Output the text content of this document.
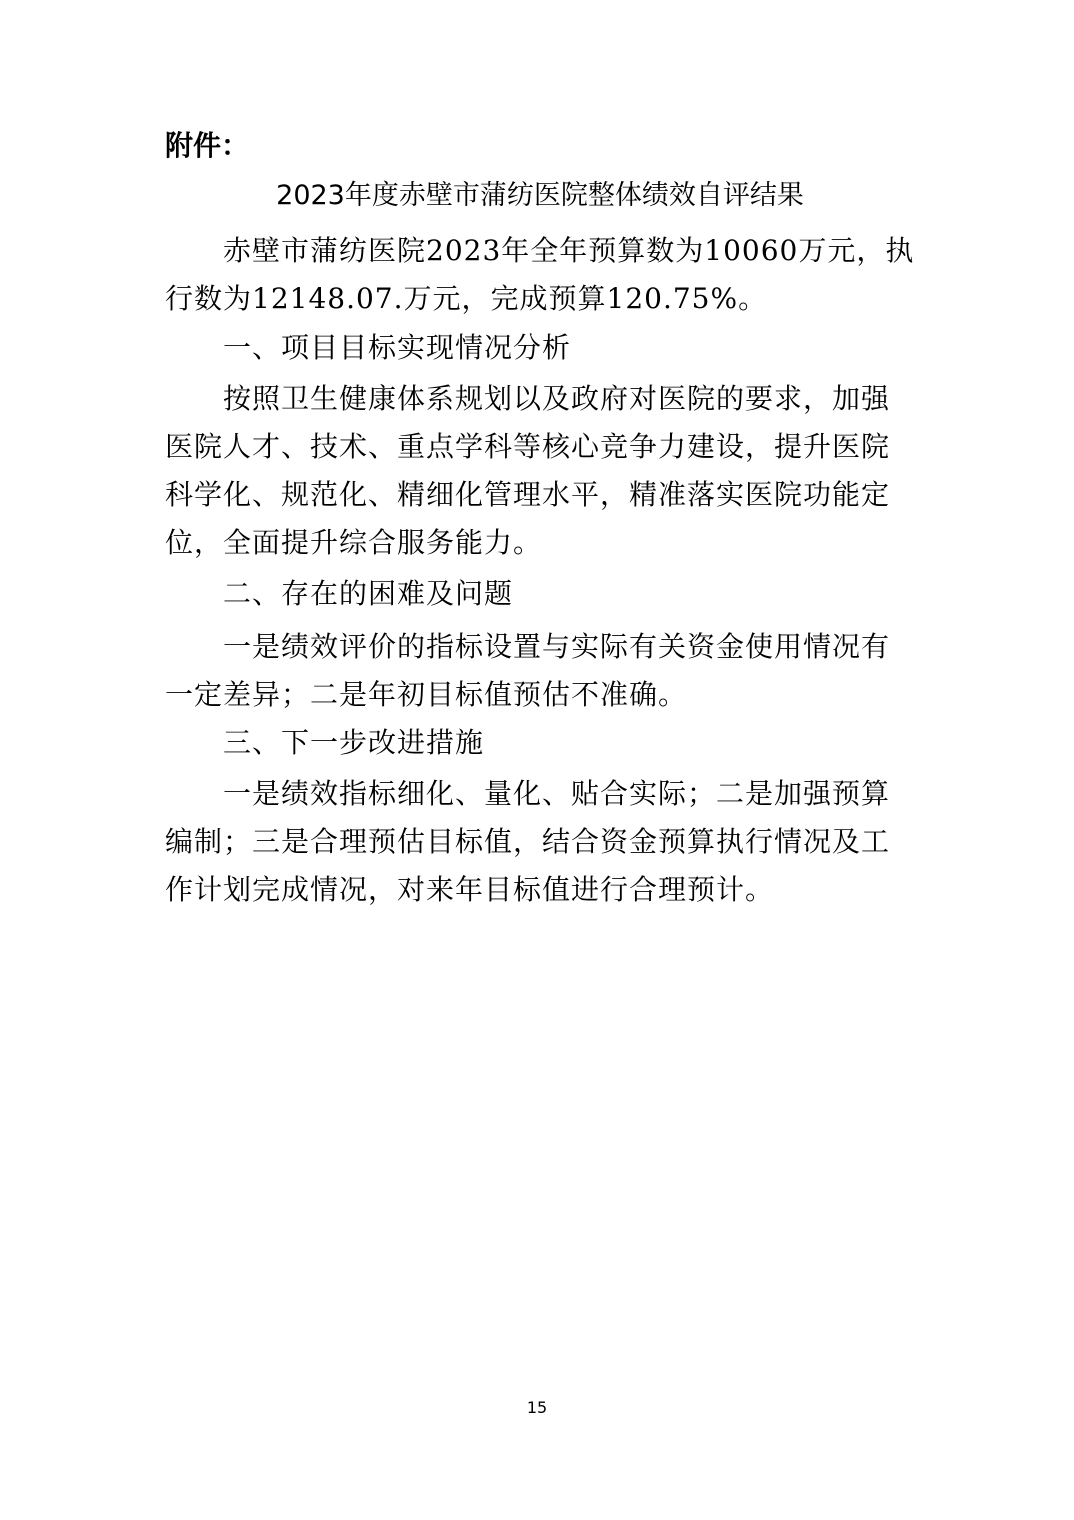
附件：

2023年度赤壁市蒲纺医院整体绩效自评结果

赤壁市蒲纺医院2023年全年预算数为10060万元，执行数为12148.07.万元，完成预算120.75%。

一、项目目标实现情况分析

按照卫生健康体系规划以及政府对医院的要求，加强医院人才、技术、重点学科等核心竞争力建设，提升医院科学化、规范化、精细化管理水平，精准落实医院功能定位，全面提升综合服务能力。

二、存在的困难及问题

一是绩效评价的指标设置与实际有关资金使用情况有一定差异；二是年初目标值预估不准确。

三、下一步改进措施

一是绩效指标细化、量化、贴合实际；二是加强预算编制；三是合理预估目标值，结合资金预算执行情况及工作计划完成情况，对来年目标值进行合理预计。

15
